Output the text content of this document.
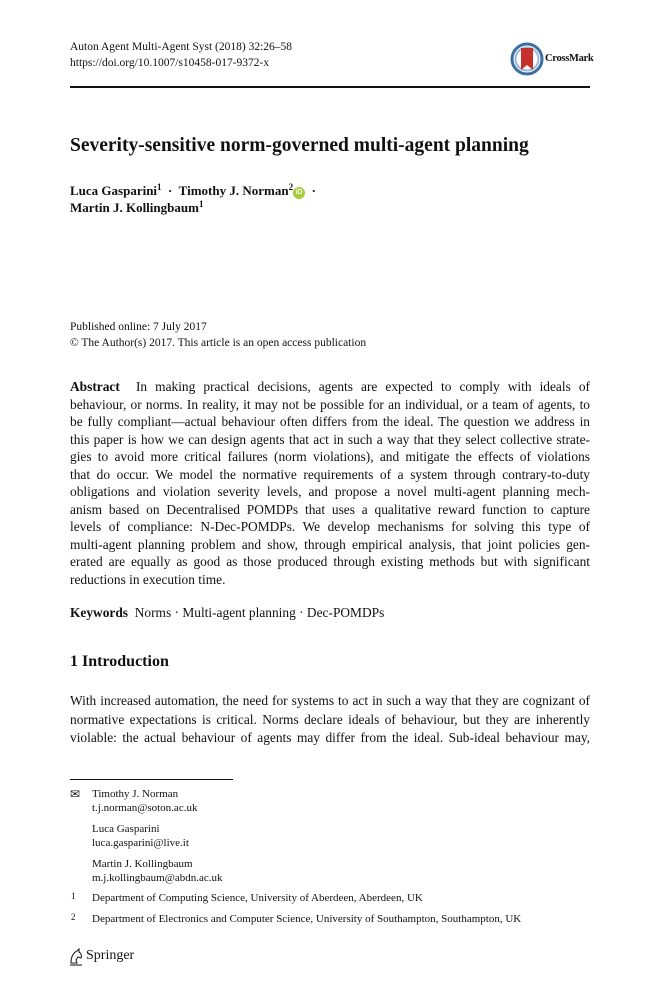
Auton Agent Multi-Agent Syst (2018) 32:26–58
https://doi.org/10.1007/s10458-017-9372-x	CrossMark
Severity-sensitive norm-governed multi-agent planning
Luca Gasparini$^1$ · Timothy J. Norman$^2$iD ·
Martin J. Kollingbaum$^1$
Published online: 7 July 2017
© The Author(s) 2017. This article is an open access publication
Abstract In making practical decisions, agents are expected to comply with ideals of
behaviour, or norms. In reality, it may not be possible for an individual, or a team of agents, to
be fully compliant—actual behaviour often differs from the ideal. The question we address in
this paper is how we can design agents that act in such a way that they select collective strate-
gies to avoid more critical failures (norm violations), and mitigate the effects of violations
that do occur. We model the normative requirements of a system through contrary-to-duty
obligations and violation severity levels, and propose a novel multi-agent planning mech-
anism based on Decentralised POMDPs that uses a qualitative reward function to capture
levels of compliance: N-Dec-POMDPs. We develop mechanisms for solving this type of
multi-agent planning problem and show, through empirical analysis, that joint policies gen-
erated are equally as good as those produced through existing methods but with significant
reductions in execution time.
Keywords Norms · Multi-agent planning · Dec-POMDPs
1 Introduction
With increased automation, the need for systems to act in such a way that they are cognizant of
normative expectations is critical. Norms declare ideals of behaviour, but they are inherently
violable: the actual behaviour of agents may differ from the ideal. Sub-ideal behaviour may,
✉ Timothy J. Norman
t.j.norman@soton.ac.uk
Luca Gasparini
luca.gasparini@live.it
Martin J. Kollingbaum
m.j.kollingbaum@abdn.ac.uk
1 Department of Computing Science, University of Aberdeen, Aberdeen, UK
2 Department of Electronics and Computer Science, University of Southampton, Southampton, UK
Springer
